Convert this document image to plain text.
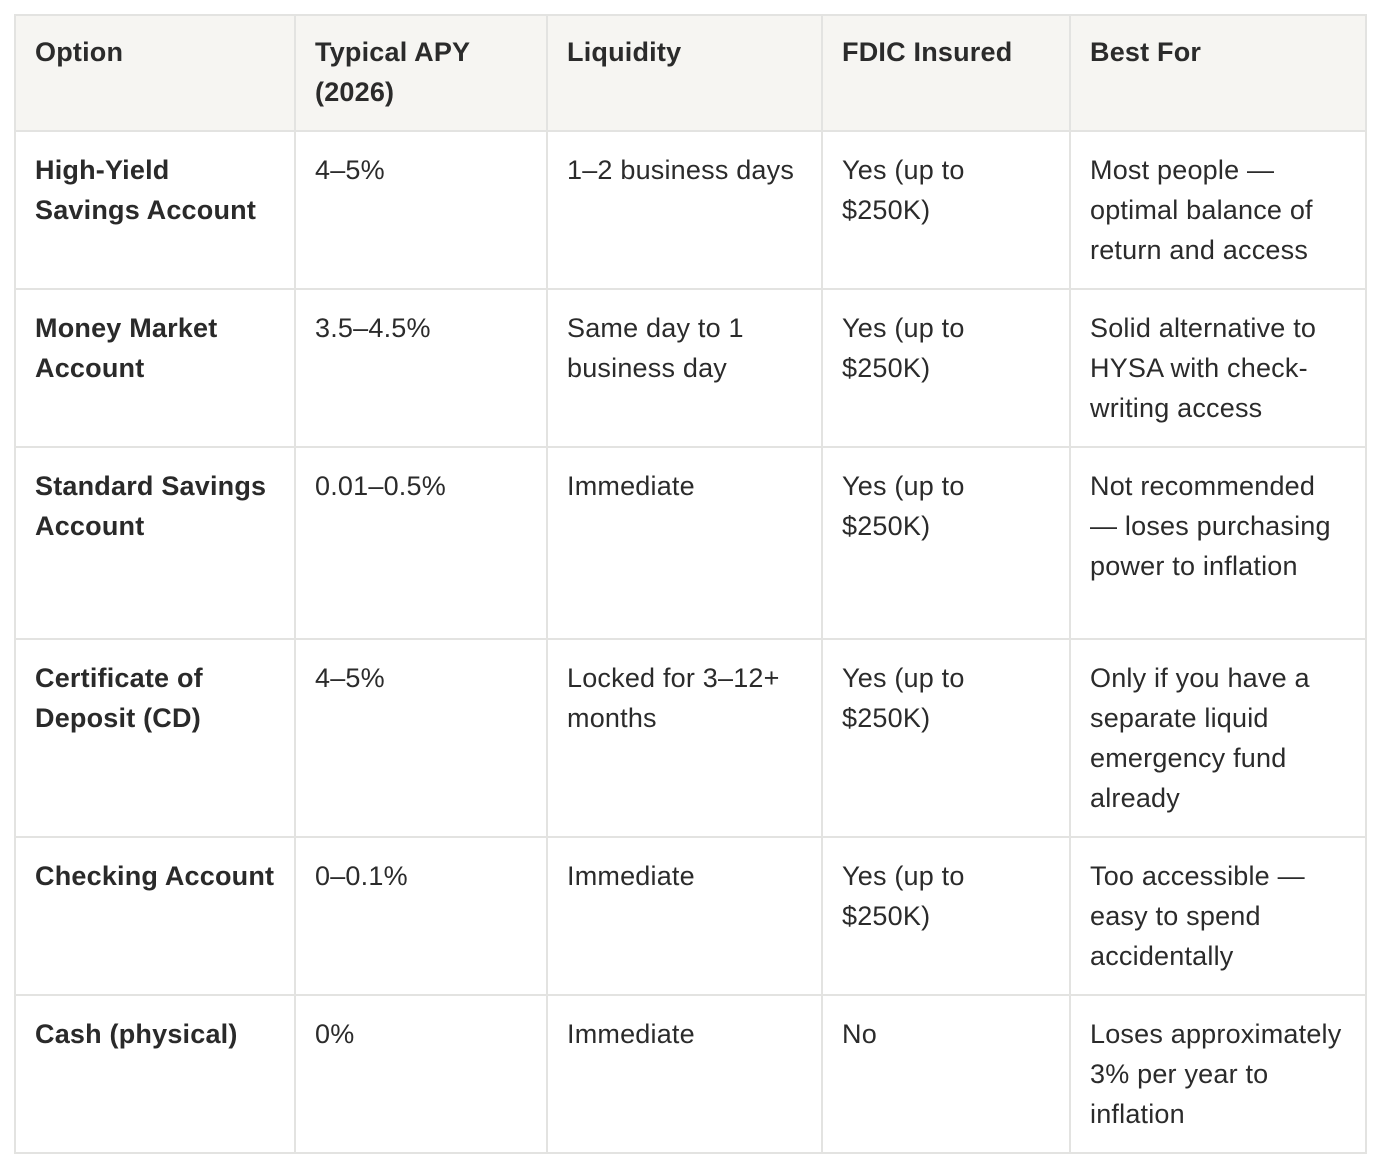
Option	Typical APY (2026)	Liquidity	FDIC Insured	Best For
High-Yield Savings Account	4–5%	1–2 business days	Yes (up to $250K)	Most people — optimal balance of return and access
Money Market Account	3.5–4.5%	Same day to 1 business day	Yes (up to $250K)	Solid alternative to HYSA with check-writing access
Standard Savings Account	0.01–0.5%	Immediate	Yes (up to $250K)	Not recommended — loses purchasing power to inflation
Certificate of Deposit (CD)	4–5%	Locked for 3–12+ months	Yes (up to $250K)	Only if you have a separate liquid emergency fund already
Checking Account	0–0.1%	Immediate	Yes (up to $250K)	Too accessible — easy to spend accidentally
Cash (physical)	0%	Immediate	No	Loses approximately 3% per year to inflation
